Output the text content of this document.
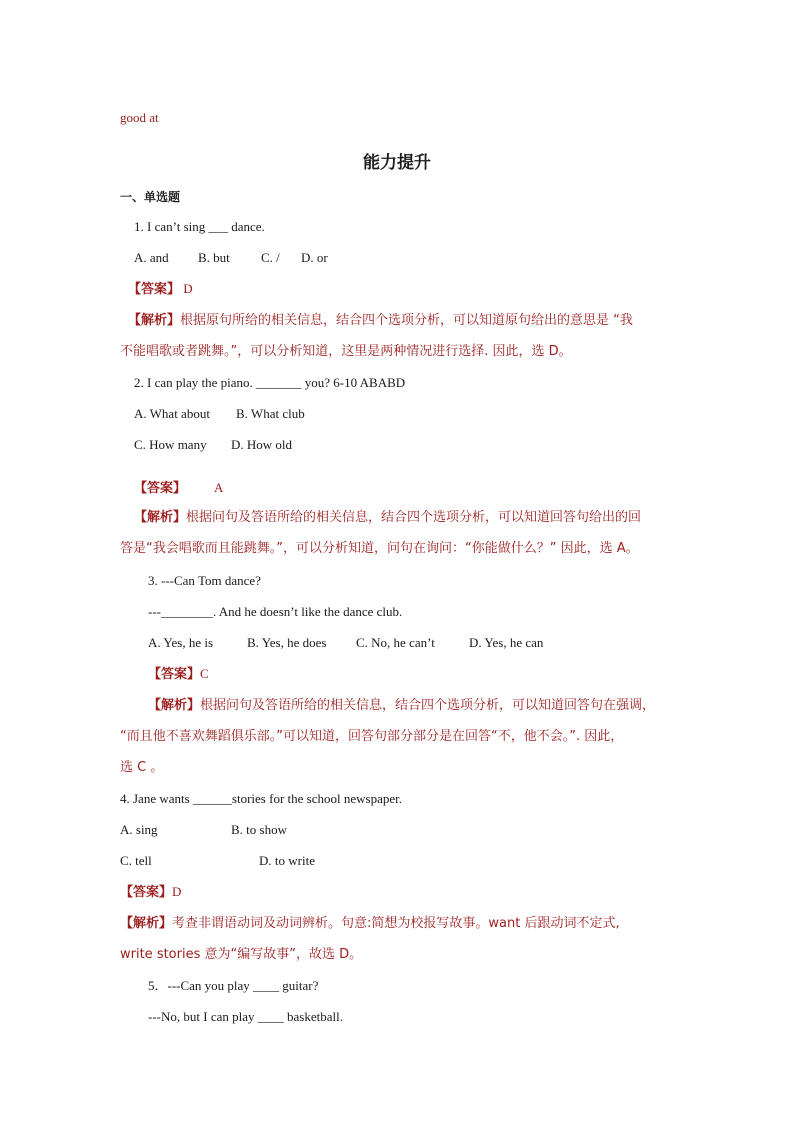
good at
能力提升
一、单选题
1. I can’t sing ___ dance.
A. and B. but C. / D. or
【答案】 D
【解析】根据原句所给的相关信息，结合四个选项分析，可以知道原句给出的意思是 “我
不能唱歌或者跳舞。”，可以分析知道，这里是两种情况进行选择. 因此，选 D。
2. I can play the piano. _______ you? 6-10 ABABD
A. What about B. What club
C. How many D. How old
【答案】 A
【解析】根据问句及答语所给的相关信息，结合四个选项分析，可以知道回答句给出的回
答是“我会唱歌而且能跳舞。”，可以分析知道，问句在询问：“你能做什么？” 因此，选 A。
3. ---Can Tom dance?
---________. And he doesn’t like the dance club.
A. Yes, he is	B. Yes, he does C. No, he can’t	D. Yes, he can
【答案】C
【解析】根据问句及答语所给的相关信息，结合四个选项分析，可以知道回答句在强调，
“而且他不喜欢舞蹈俱乐部。”可以知道，回答句部分部分是在回答“不，他不会。”. 因此，
选 C 。
4. Jane wants ______stories for the school newspaper.
A. sing	B. to show
C. tell	D. to write
【答案】D
【解析】考查非谓语动词及动词辨析。句意:简想为校报写故事。want 后跟动词不定式,
write stories 意为“编写故事”，故选 D。
5．---Can you play ____ guitar?
---No, but I can play ____ basketball.
